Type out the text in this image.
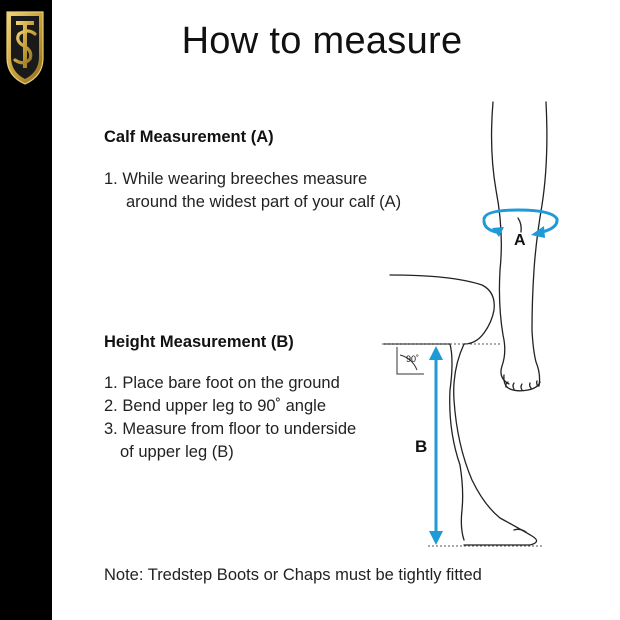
How to measure
Calf Measurement (A)
1. While wearing breeches measure
around the widest part of your calf (A)
Height Measurement (B)
1. Place bare foot on the ground
2. Bend upper leg to 90˚ angle
3. Measure from floor to underside
of upper leg (B)
A
90˚
B
Note: Tredstep Boots or Chaps must be tightly fitted
